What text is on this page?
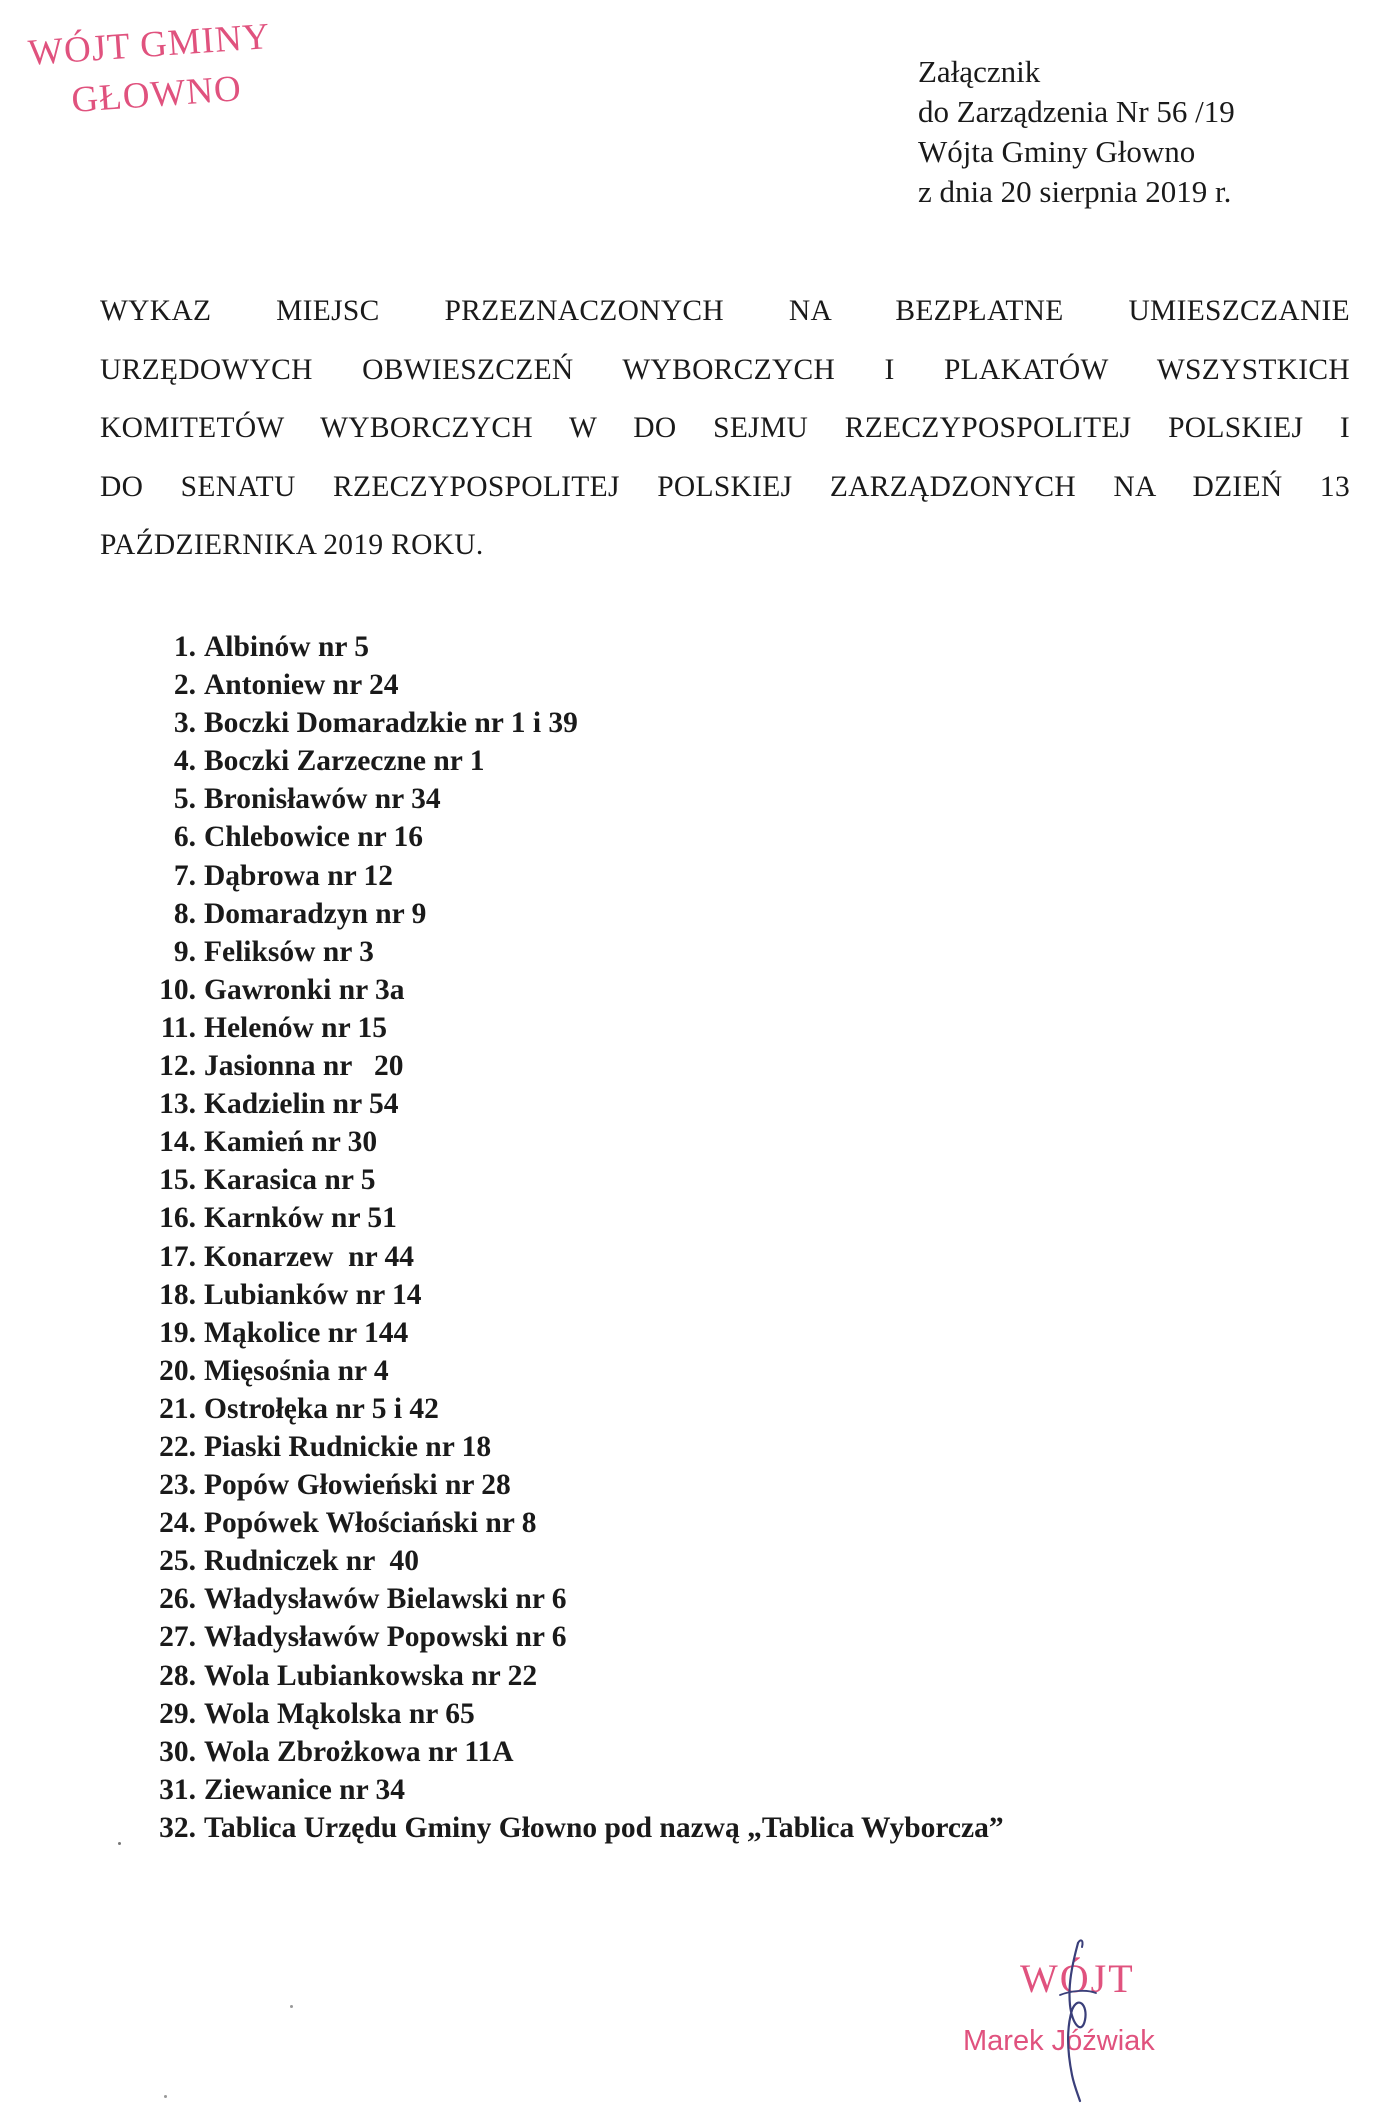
WÓJT GMINY
GŁOWNO	Załącznik
do Zarządzenia Nr 56 /19
Wójta Gminy Głowno
z dnia 20 sierpnia 2019 r.
WYKAZ MIEJSC PRZEZNACZONYCH NA BEZPŁATNE UMIESZCZANIE
URZĘDOWYCH OBWIESZCZEŃ WYBORCZYCH I PLAKATÓW WSZYSTKICH
KOMITETÓW WYBORCZYCH W DO SEJMU RZECZYPOSPOLITEJ POLSKIEJ I
DO SENATU RZECZYPOSPOLITEJ POLSKIEJ ZARZĄDZONYCH NA DZIEŃ 13
PAŹDZIERNIKA 2019 ROKU.
1. Albinów nr 5
2. Antoniew nr 24
3. Boczki Domaradzkie nr 1 i 39
4. Boczki Zarzeczne nr 1
5. Bronisławów nr 34
6. Chlebowice nr 16
7. Dąbrowa nr 12
8. Domaradzyn nr 9
9. Feliksów nr 3
10. Gawronki nr 3a
11. Helenów nr 15
12. Jasionna nr   20
13. Kadzielin nr 54
14. Kamień nr 30
15. Karasica nr 5
16. Karnków nr 51
17. Konarzew  nr 44
18. Lubianków nr 14
19. Mąkolice nr 144
20. Mięsośnia nr 4
21. Ostrołęka nr 5 i 42
22. Piaski Rudnickie nr 18
23. Popów Głowieński nr 28
24. Popówek Włościański nr 8
25. Rudniczek nr  40
26. Władysławów Bielawski nr 6
27. Władysławów Popowski nr 6
28. Wola Lubiankowska nr 22
29. Wola Mąkolska nr 65
30. Wola Zbrożkowa nr 11A
31. Ziewanice nr 34
32. Tablica Urzędu Gminy Głowno pod nazwą „Tablica Wyborcza”
WÓJT
Marek Jóźwiak
